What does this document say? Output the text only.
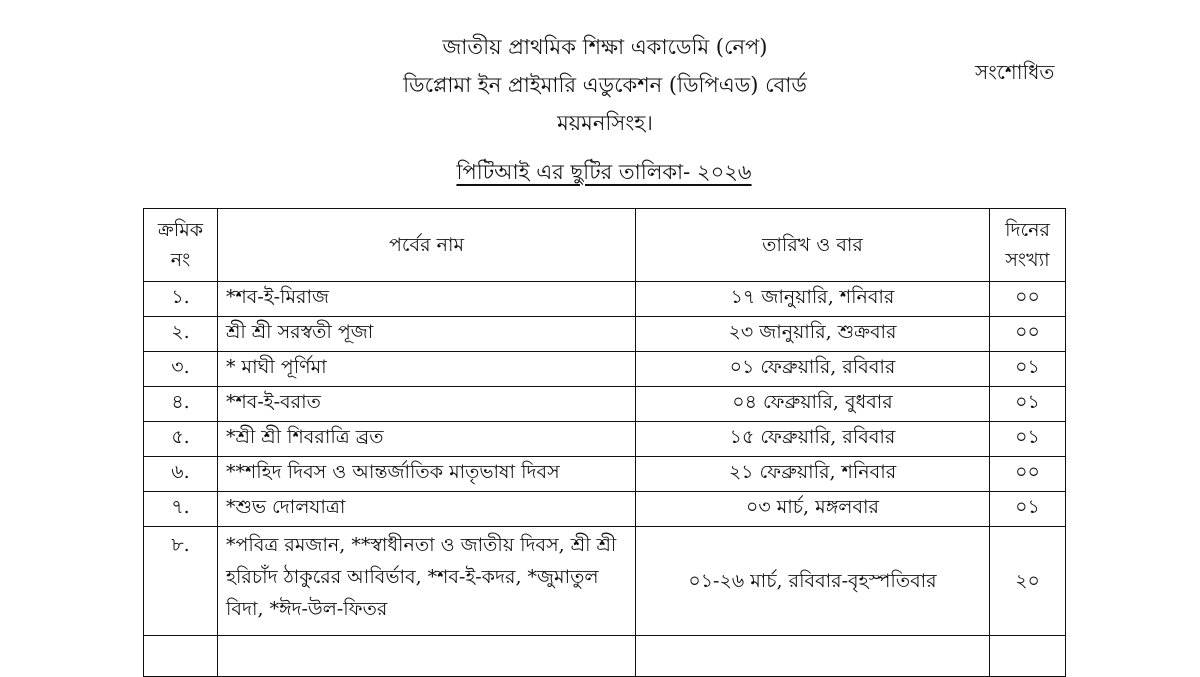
জাতীয় প্রাথমিক শিক্ষা একাডেমি (নেপ)
ডিপ্লোমা ইন প্রাইমারি এডুকেশন (ডিপিএড) বোর্ড
ময়মনসিংহ।
সংশোধিত
পিটিআই এর ছুটির তালিকা- ২০২৬
ক্রমিক নং	পর্বের নাম	তারিখ ও বার	দিনের সংখ্যা
১.	*শব-ই-মিরাজ	১৭ জানুয়ারি, শনিবার	০০
২.	শ্রী শ্রী সরস্বতী পূজা	২৩ জানুয়ারি, শুক্রবার	০০
৩.	* মাঘী পূর্ণিমা	০১ ফেব্রুয়ারি, রবিবার	০১
৪.	*শব-ই-বরাত	০৪ ফেব্রুয়ারি, বুধবার	০১
৫.	*শ্রী শ্রী শিবরাত্রি ব্রত	১৫ ফেব্রুয়ারি, রবিবার	০১
৬.	**শহিদ দিবস ও আন্তর্জাতিক মাতৃভাষা দিবস	২১ ফেব্রুয়ারি, শনিবার	০০
৭.	*শুভ দোলযাত্রা	০৩ মার্চ, মঙ্গলবার	০১
৮.	*পবিত্র রমজান, **স্বাধীনতা ও জাতীয় দিবস, শ্রী শ্রী হরিচাঁদ ঠাকুরের আবির্ভাব, *শব-ই-কদর, *জুমাতুল বিদা, *ঈদ-উল-ফিতর	০১-২৬ মার্চ, রবিবার-বৃহস্পতিবার	২০
